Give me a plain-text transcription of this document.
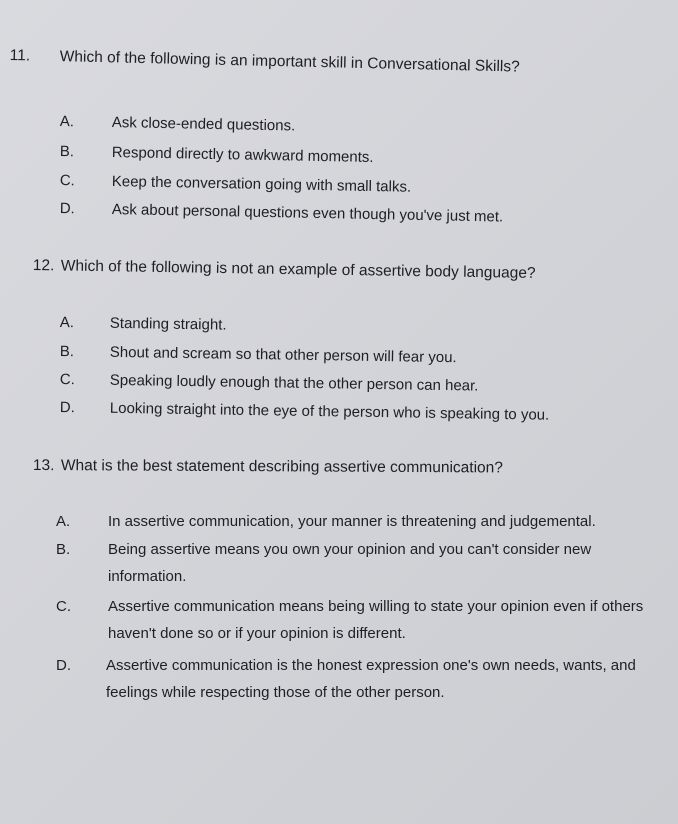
11. Which of the following is an important skill in Conversational Skills?
A. Ask close-ended questions.
B. Respond directly to awkward moments.
C. Keep the conversation going with small talks.
D. Ask about personal questions even though you've just met.
12. Which of the following is not an example of assertive body language?
A. Standing straight.
B. Shout and scream so that other person will fear you.
C. Speaking loudly enough that the other person can hear.
D. Looking straight into the eye of the person who is speaking to you.
13. What is the best statement describing assertive communication?
A.	In assertive communication, your manner is threatening and judgemental.
B.	Being assertive means you own your opinion and you can't consider new information.
C. Assertive communication means being willing to state your opinion even if others haven't done so or if your opinion is different.
D. Assertive communication is the honest expression one's own needs, wants, and feelings while respecting those of the other person.
